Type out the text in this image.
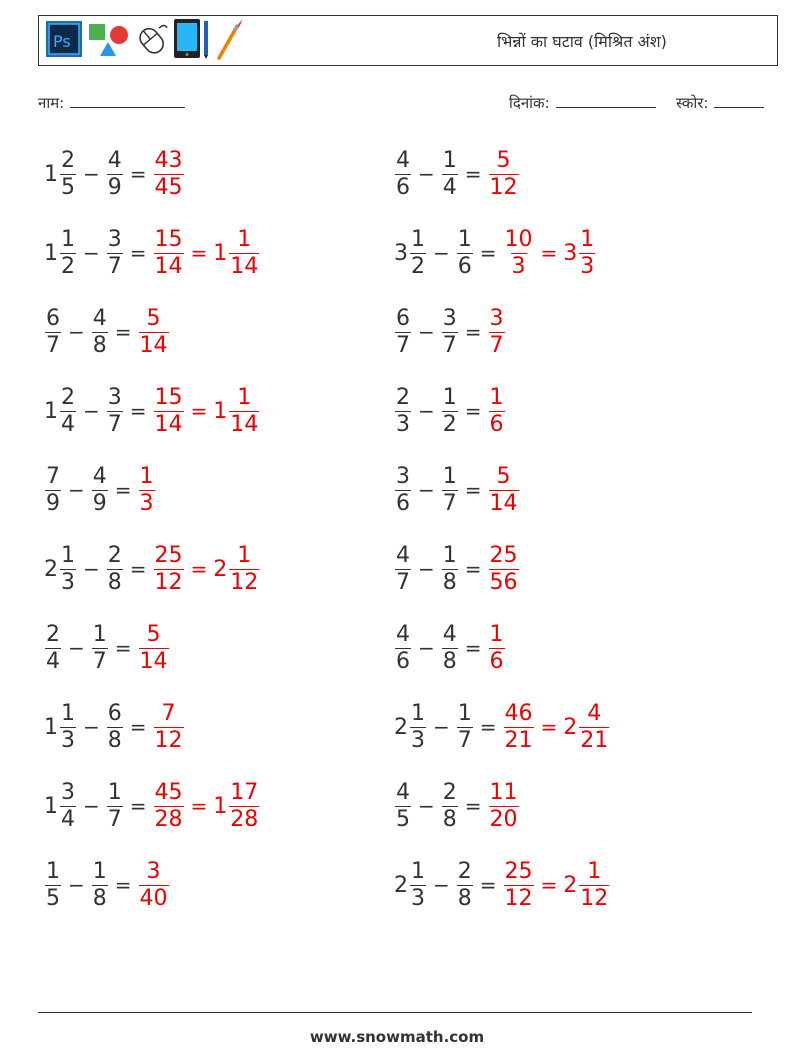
Ps	भिन्नों का घटाव (मिश्रित अंश)
नाम:	दिनांक:	स्कोर:
$1 \frac{2}{5} - \frac{4}{9} = \frac{43}{45}$	$\frac{4}{6} - \frac{1}{4} = \frac{5}{12}$
$1 \frac{1}{2} - \frac{3}{7} = \frac{15}{14} = 1 \frac{1}{14}$	$3 \frac{1}{2} - \frac{1}{6} = \frac{10}{3} = 3 \frac{1}{3}$
$\frac{6}{7} - \frac{4}{8} = \frac{5}{14}$	$\frac{6}{7} - \frac{3}{7} = \frac{3}{7}$
$1 \frac{2}{4} - \frac{3}{7} = \frac{15}{14} = 1 \frac{1}{14}$	$\frac{2}{3} - \frac{1}{2} = \frac{1}{6}$
$\frac{7}{9} - \frac{4}{9} = \frac{1}{3}$	$\frac{3}{6} - \frac{1}{7} = \frac{5}{14}$
$2 \frac{1}{3} - \frac{2}{8} = \frac{25}{12} = 2 \frac{1}{12}$	$\frac{4}{7} - \frac{1}{8} = \frac{25}{56}$
$\frac{2}{4} - \frac{1}{7} = \frac{5}{14}$	$\frac{4}{6} - \frac{4}{8} = \frac{1}{6}$
$1 \frac{1}{3} - \frac{6}{8} = \frac{7}{12}$	$2 \frac{1}{3} - \frac{1}{7} = \frac{46}{21} = 2 \frac{4}{21}$
$1 \frac{3}{4} - \frac{1}{7} = \frac{45}{28} = 1 \frac{17}{28}$	$\frac{4}{5} - \frac{2}{8} = \frac{11}{20}$
$\frac{1}{5} - \frac{1}{8} = \frac{3}{40}$	$2 \frac{1}{3} - \frac{2}{8} = \frac{25}{12} = 2 \frac{1}{12}$
www.snowmath.com
